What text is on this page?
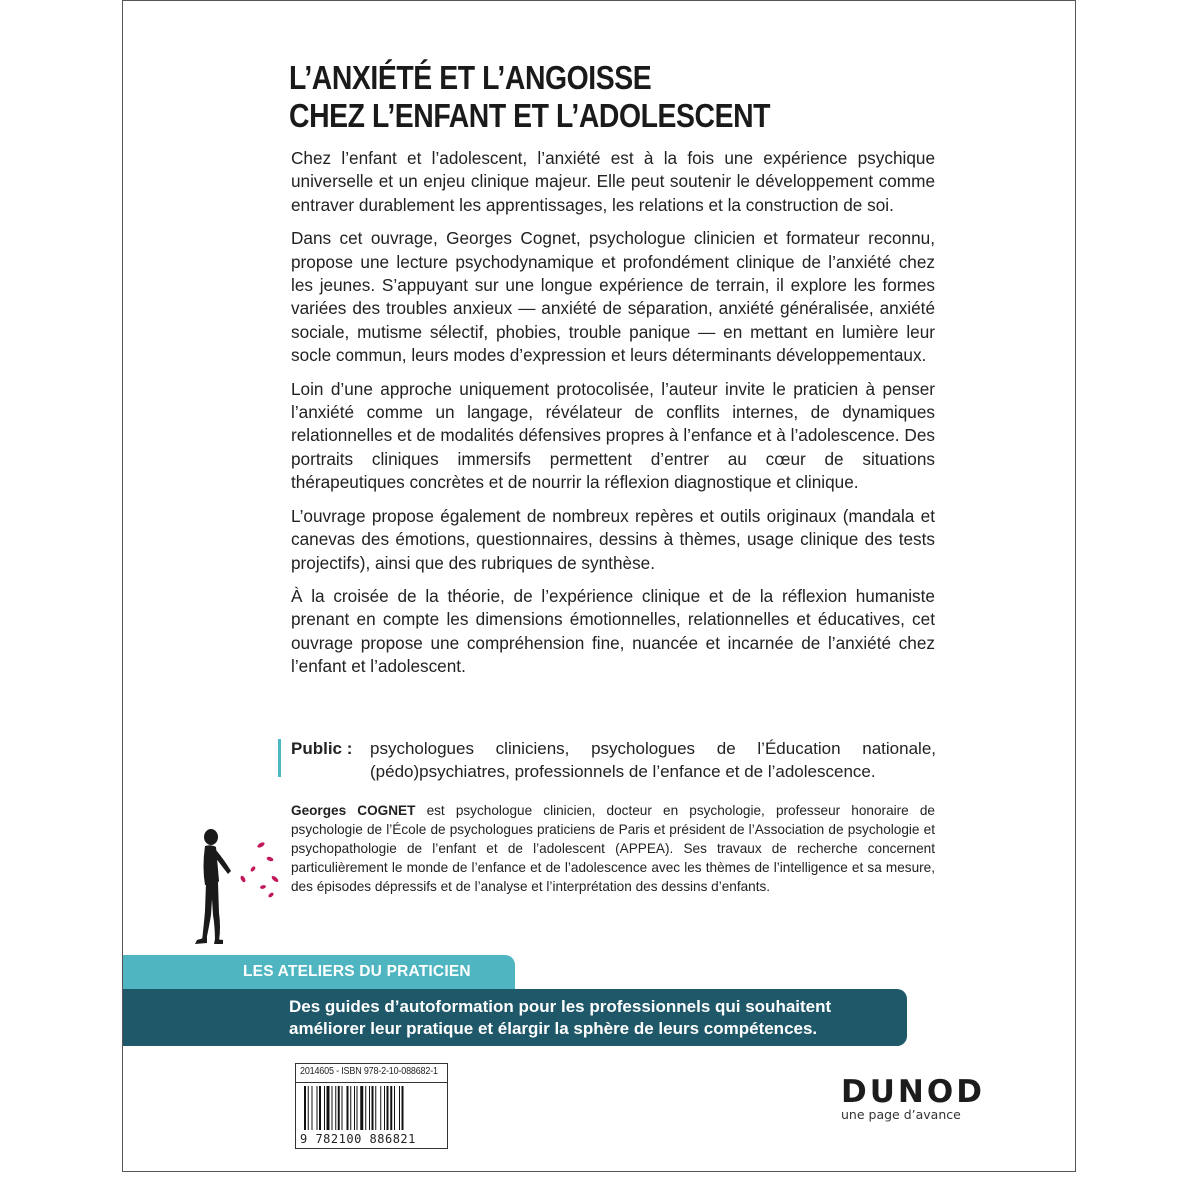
L’ANXIÉTÉ ET L’ANGOISSE
CHEZ L’ENFANT ET L’ADOLESCENT

Chez l’enfant et l’adolescent, l’anxiété est à la fois une expérience psychique universelle et un enjeu clinique majeur. Elle peut soutenir le développement comme entraver durablement les apprentissages, les relations et la construction de soi.

Dans cet ouvrage, Georges Cognet, psychologue clinicien et formateur reconnu, propose une lecture psychodynamique et profondément clinique de l’anxiété chez les jeunes. S’appuyant sur une longue expérience de terrain, il explore les formes variées des troubles anxieux — anxiété de séparation, anxiété généralisée, anxiété sociale, mutisme sélectif, phobies, trouble panique — en mettant en lumière leur socle commun, leurs modes d’expression et leurs déterminants développementaux.

Loin d’une approche uniquement protocolisée, l’auteur invite le praticien à penser l’anxiété comme un langage, révélateur de conflits internes, de dynamiques relationnelles et de modalités défensives propres à l’enfance et à l’adolescence. Des portraits cliniques immersifs permettent d’entrer au cœur de situations thérapeutiques concrètes et de nourrir la réflexion diagnostique et clinique.

L’ouvrage propose également de nombreux repères et outils originaux (mandala et canevas des émotions, questionnaires, dessins à thèmes, usage clinique des tests projectifs), ainsi que des rubriques de synthèse.

À la croisée de la théorie, de l’expérience clinique et de la réflexion humaniste prenant en compte les dimensions émotionnelles, relationnelles et éducatives, cet ouvrage propose une compréhension fine, nuancée et incarnée de l’anxiété chez l’enfant et l’adolescent.

Public : psychologues cliniciens, psychologues de l’Éducation nationale, (pédo)psychiatres, professionnels de l’enfance et de l’adolescence.

Georges COGNET est psychologue clinicien, docteur en psychologie, professeur honoraire de psychologie de l’École de psychologues praticiens de Paris et président de l’Association de psychologie et psychopathologie de l’enfant et de l’adolescent (APPEA). Ses travaux de recherche concernent particulièrement le monde de l’enfance et de l’adolescence avec les thèmes de l’intelligence et sa mesure, des épisodes dépressifs et de l’analyse et l’interprétation des dessins d’enfants.

LES ATELIERS DU PRATICIEN
Des guides d’autoformation pour les professionnels qui souhaitent améliorer leur pratique et élargir la sphère de leurs compétences.
2014605 - ISBN 978-2-10-088682-1
9 782100 886821
DUNOD
une page d’avance
